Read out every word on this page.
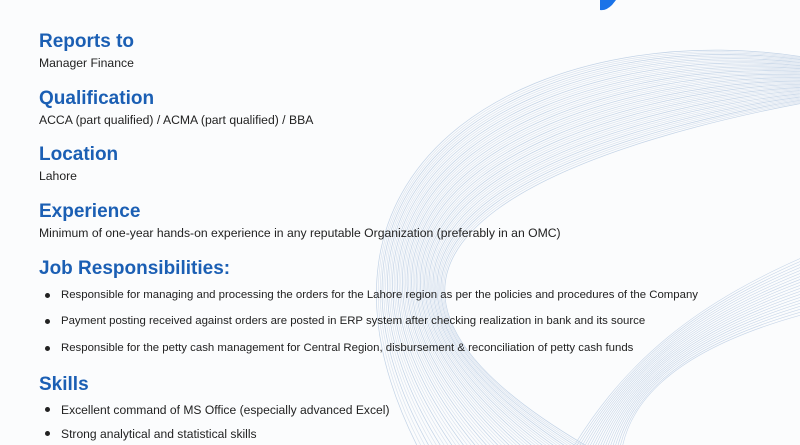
Reports to

Manager Finance

Qualification

ACCA (part qualified) / ACMA (part qualified) / BBA

Location

Lahore

Experience

Minimum of one-year hands-on experience in any reputable Organization (preferably in an OMC)

Job Responsibilities:
Responsible for managing and processing the orders for the Lahore region as per the policies and procedures of the Company
Payment posting received against orders are posted in ERP system after checking realization in bank and its source
Responsible for the petty cash management for Central Region, disbursement & reconciliation of petty cash funds
Skills
Excellent command of MS Office (especially advanced Excel)
Strong analytical and statistical skills
